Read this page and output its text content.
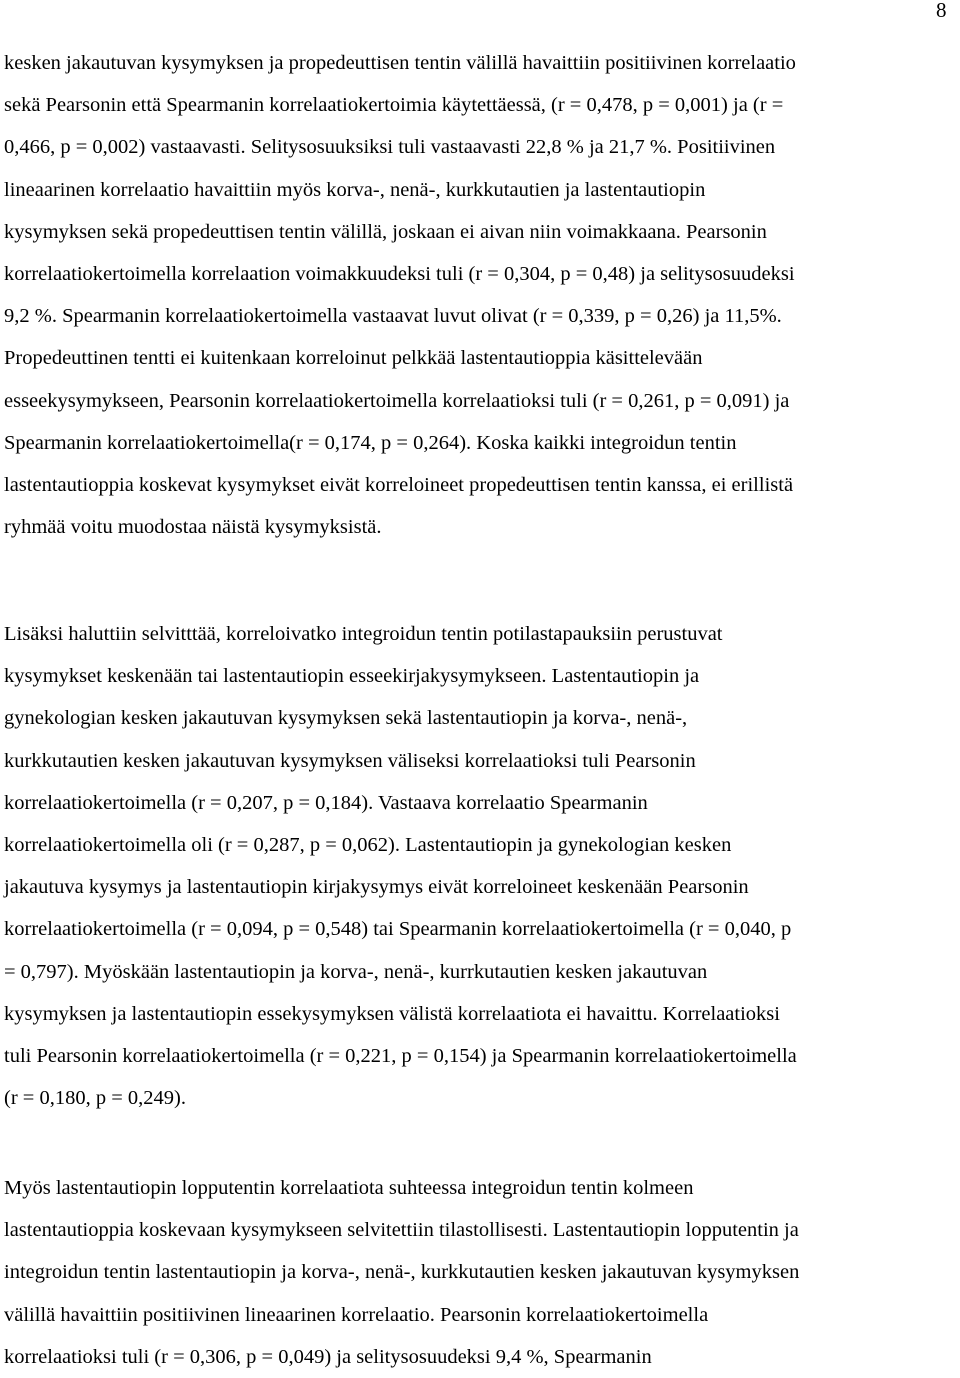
8

kesken jakautuvan kysymyksen ja propedeuttisen tentin välillä havaittiin positiivinen korrelaatio
sekä Pearsonin että Spearmanin korrelaatiokertoimia käytettäessä, (r = 0,478, p = 0,001) ja (r =
0,466, p = 0,002) vastaavasti. Selitysosuuksiksi tuli vastaavasti 22,8 % ja 21,7 %. Positiivinen
lineaarinen korrelaatio havaittiin myös korva-, nenä-, kurkkutautien ja lastentautiopin
kysymyksen sekä propedeuttisen tentin välillä, joskaan ei aivan niin voimakkaana. Pearsonin
korrelaatiokertoimella korrelaation voimakkuudeksi tuli (r = 0,304, p = 0,48) ja selitysosuudeksi
9,2 %. Spearmanin korrelaatiokertoimella vastaavat luvut olivat (r = 0,339, p = 0,26) ja 11,5%.
Propedeuttinen tentti ei kuitenkaan korreloinut pelkkää lastentautioppia käsittelevään
esseekysymykseen, Pearsonin korrelaatiokertoimella korrelaatioksi tuli (r = 0,261, p = 0,091) ja
Spearmanin korrelaatiokertoimella(r = 0,174, p = 0,264). Koska kaikki integroidun tentin
lastentautioppia koskevat kysymykset eivät korreloineet propedeuttisen tentin kanssa, ei erillistä
ryhmää voitu muodostaa näistä kysymyksistä.

Lisäksi haluttiin selvitttää, korreloivatko integroidun tentin potilastapauksiin perustuvat
kysymykset keskenään tai lastentautiopin esseekirjakysymykseen. Lastentautiopin ja
gynekologian kesken jakautuvan kysymyksen sekä lastentautiopin ja korva-, nenä-,
kurkkutautien kesken jakautuvan kysymyksen väliseksi korrelaatioksi tuli Pearsonin
korrelaatiokertoimella (r = 0,207, p = 0,184). Vastaava korrelaatio Spearmanin
korrelaatiokertoimella oli (r = 0,287, p = 0,062). Lastentautiopin ja gynekologian kesken
jakautuva kysymys ja lastentautiopin kirjakysymys eivät korreloineet keskenään Pearsonin
korrelaatiokertoimella (r = 0,094, p = 0,548) tai Spearmanin korrelaatiokertoimella (r = 0,040, p
= 0,797). Myöskään lastentautiopin ja korva-, nenä-, kurrkutautien kesken jakautuvan
kysymyksen ja lastentautiopin essekysymyksen välistä korrelaatiota ei havaittu. Korrelaatioksi
tuli Pearsonin korrelaatiokertoimella (r = 0,221, p = 0,154) ja Spearmanin korrelaatiokertoimella
(r = 0,180, p = 0,249).

Myös lastentautiopin lopputentin korrelaatiota suhteessa integroidun tentin kolmeen
lastentautioppia koskevaan kysymykseen selvitettiin tilastollisesti. Lastentautiopin lopputentin ja
integroidun tentin lastentautiopin ja korva-, nenä-, kurkkutautien kesken jakautuvan kysymyksen
välillä havaittiin positiivinen lineaarinen korrelaatio. Pearsonin korrelaatiokertoimella
korrelaatioksi tuli (r = 0,306, p = 0,049) ja selitysosuudeksi 9,4 %, Spearmanin
